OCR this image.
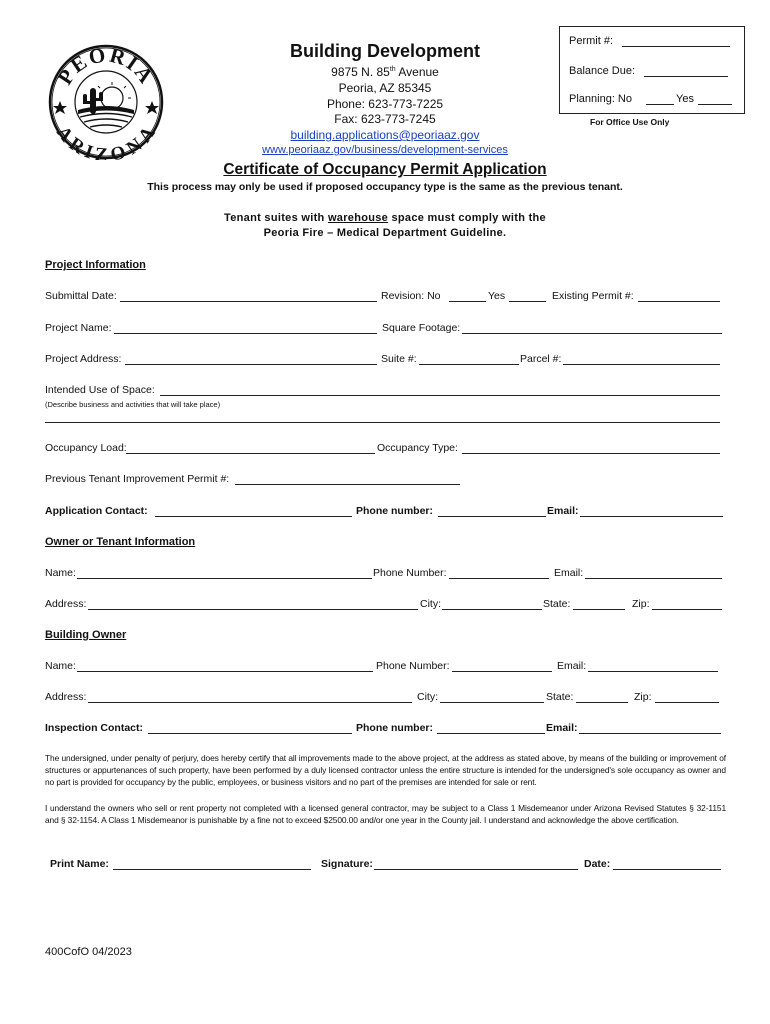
PEORIA
ARIZONA
Building Development
9875 N. 85th Avenue
Peoria, AZ 85345
Phone: 623-773-7225
Fax: 623-773-7245
building.applications@peoriaaz.gov
www.peoriaaz.gov/business/development-services
Permit #:
Balance Due:
Planning: No	Yes
For Office Use Only
Certificate of Occupancy Permit Application
This process may only be used if proposed occupancy type is the same as the previous tenant.
Tenant suites with warehouse space must comply with the
Peoria Fire – Medical Department Guideline.
Project Information
Submittal Date:	Revision: No	Yes	Existing Permit #:
Project Name:	Square Footage:
Project Address:	Suite #:	Parcel #:
Intended Use of Space:
(Describe business and activities that will take place)
Occupancy Load:	Occupancy Type:
Previous Tenant Improvement Permit #:
Application Contact:	Phone number:	Email:
Owner or Tenant Information
Name:	Phone Number:	Email:
Address:	City:	State:	Zip:
Building Owner
Name:	Phone Number:	Email:
Address:	City:	State:	Zip:
Inspection Contact:	Phone number:	Email:
The undersigned, under penalty of perjury, does hereby certify that all improvements made to the above project, at the address as stated above, by means of the building or improvement of structures or appurtenances of such property, have been performed by a duly licensed contractor unless the entire structure is intended for the undersigned's sole occupancy as owner and no part is provided for occupancy by the public, employees, or business visitors and no part of the premises are intended for sale or rent.
I understand the owners who sell or rent property not completed with a licensed general contractor, may be subject to a Class 1 Misdemeanor under Arizona Revised Statutes § 32-1151 and § 32-1154. A Class 1 Misdemeanor is punishable by a fine not to exceed $2500.00 and/or one year in the County jail. I understand and acknowledge the above certification.
Print Name:	Signature:	Date:
400CofO 04/2023
